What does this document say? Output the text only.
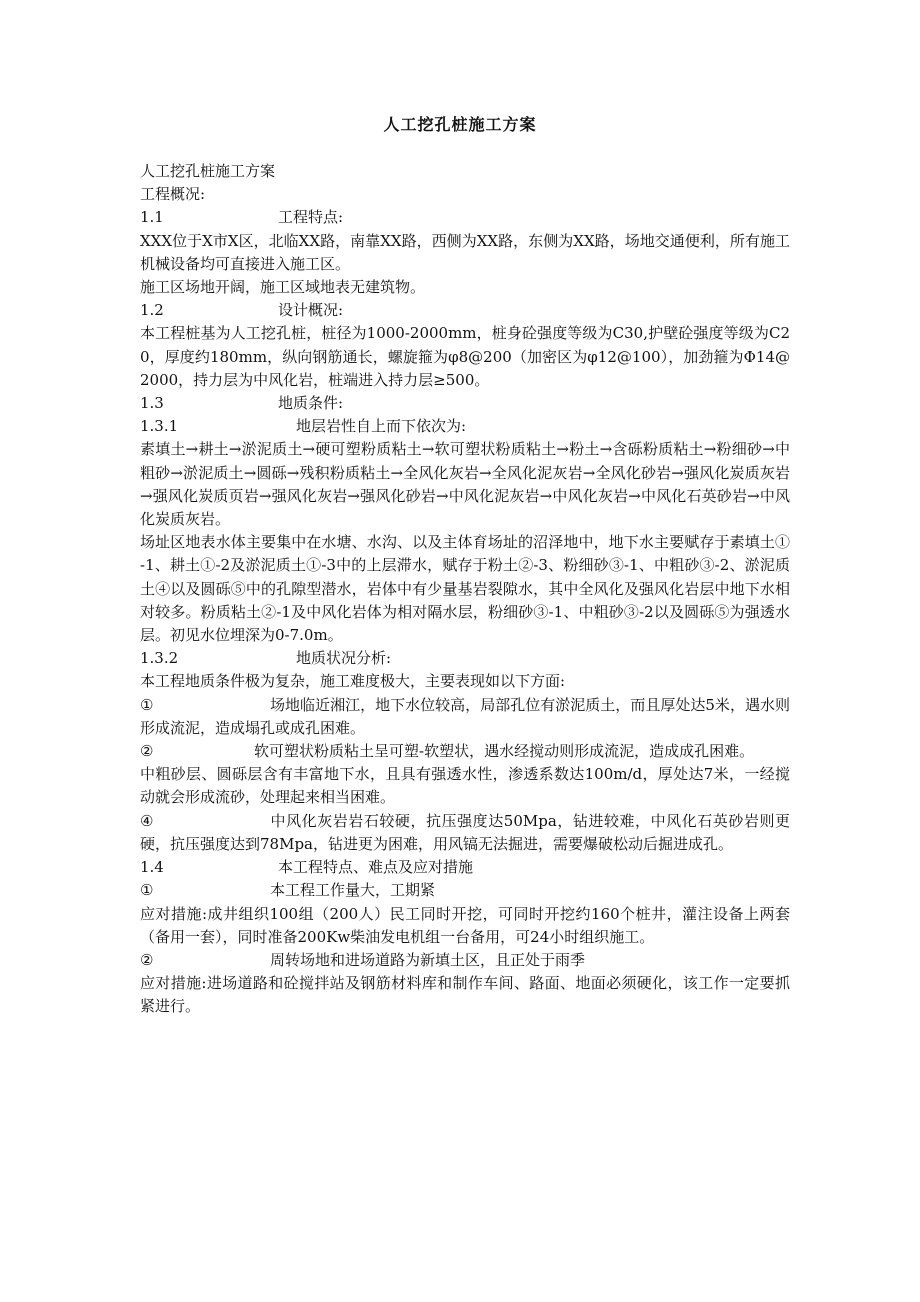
人工挖孔桩施工方案

人工挖孔桩施工方案

工程概况:

1.1	工程特点:

XXX位于X市X区，北临XX路，南靠XX路，西侧为XX路，东侧为XX路，场地交通便利，所有施工机械设备均可直接进入施工区。

施工区场地开阔，施工区域地表无建筑物。

1.2	设计概况:

本工程桩基为人工挖孔桩，桩径为1000-2000mm，桩身砼强度等级为C30,护壁砼强度等级为C20，厚度约180mm，纵向钢筋通长，螺旋箍为φ8@200（加密区为φ12@100），加劲箍为Φ14@2000，持力层为中风化岩，桩端进入持力层≥500。

1.3	地质条件:
1.3.1	地层岩性自上而下依次为:

素填土→耕土→淤泥质土→硬可塑粉质粘土→软可塑状粉质粘土→粉土→含砾粉质粘土→粉细砂→中粗砂→淤泥质土→圆砾→残积粉质粘土→全风化灰岩→全风化泥灰岩→全风化砂岩→强风化炭质灰岩→强风化炭质页岩→强风化灰岩→强风化砂岩→中风化泥灰岩→中风化灰岩→中风化石英砂岩→中风化炭质灰岩。

场址区地表水体主要集中在水塘、水沟、以及主体育场址的沼泽地中，地下水主要赋存于素填土①-1、耕土①-2及淤泥质土①-3中的上层滞水，赋存于粉土②-3、粉细砂③-1、中粗砂③-2、淤泥质土④以及圆砾⑤中的孔隙型潜水，岩体中有少量基岩裂隙水，其中全风化及强风化岩层中地下水相对较多。粉质粘土②-1及中风化岩体为相对隔水层，粉细砂③-1、中粗砂③-2以及圆砾⑤为强透水层。初见水位埋深为0-7.0m。

1.3.2	地质状况分析:

本工程地质条件极为复杂，施工难度极大，主要表现如以下方面:

①	场地临近湘江，地下水位较高，局部孔位有淤泥质土，而且厚处达5米，遇水则形成流泥，造成塌孔或成孔困难。

②	软可塑状粉质粘土呈可塑-软塑状，遇水经搅动则形成流泥，造成成孔困难。

中粗砂层、圆砾层含有丰富地下水，且具有强透水性，渗透系数达100m/d，厚处达7米，一经搅动就会形成流砂，处理起来相当困难。

④	中风化灰岩岩石较硬，抗压强度达50Mpa，钻进较难，中风化石英砂岩则更硬，抗压强度达到78Mpa，钻进更为困难，用风镐无法掘进，需要爆破松动后掘进成孔。

1.4	本工程特点、难点及应对措施

①	本工程工作量大，工期紧

应对措施:成井组织100组（200人）民工同时开挖，可同时开挖约160个桩井，灌注设备上两套（备用一套），同时准备200Kw柴油发电机组一台备用，可24小时组织施工。

②	周转场地和进场道路为新填土区，且正处于雨季

应对措施:进场道路和砼搅拌站及钢筋材料库和制作车间、路面、地面必须硬化，该工作一定要抓紧进行。
